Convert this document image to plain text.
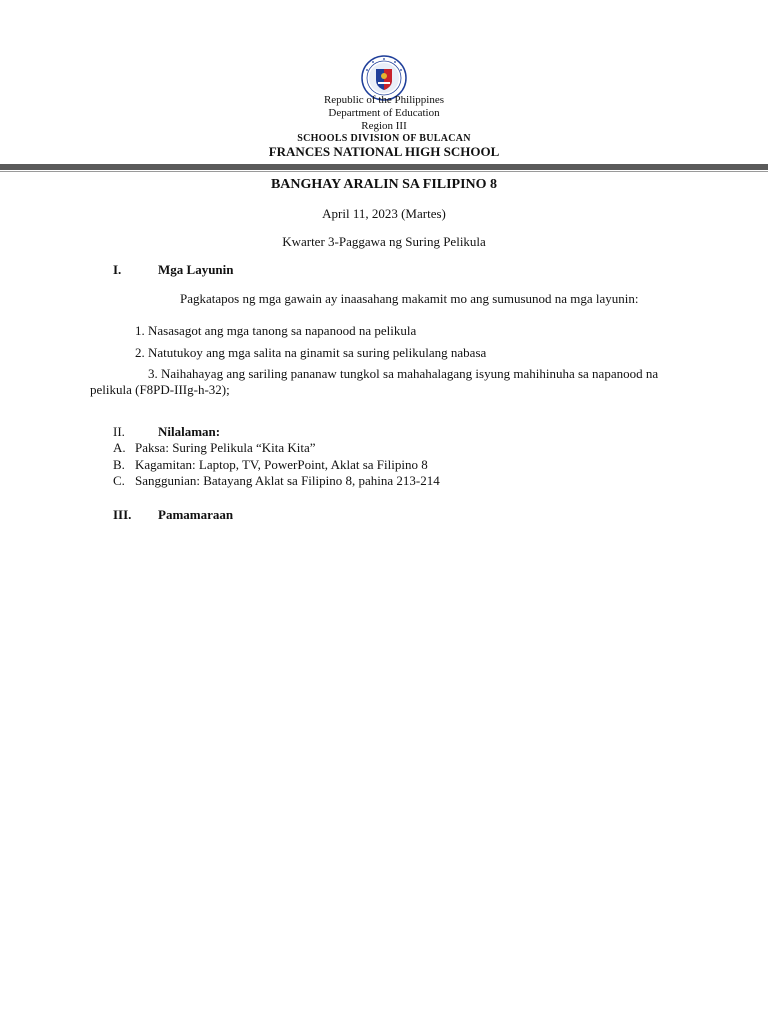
Republic of the Philippines
Department of Education
Region III
SCHOOLS DIVISION OF BULACAN
FRANCES NATIONAL HIGH SCHOOL
BANGHAY ARALIN SA FILIPINO 8
April 11, 2023 (Martes)
Kwarter 3-Paggawa ng Suring Pelikula
I.	Mga Layunin
Pagkatapos ng mga gawain ay inaasahang makamit mo ang sumusunod na mga layunin:
1. Nasasagot ang mga tanong sa napanood na pelikula
2. Natutukoy ang mga salita na ginamit sa suring pelikulang nabasa
3. Naihahayag ang sariling pananaw tungkol sa mahahalagang isyung mahihinuha sa napanood na pelikula (F8PD-IIIg-h-32);
II.	Nilalaman:
A. Paksa: Suring Pelikula “Kita Kita”
B. Kagamitan: Laptop, TV, PowerPoint, Aklat sa Filipino 8
C. Sanggunian: Batayang Aklat sa Filipino 8, pahina 213-214
III. Pamamaraan
